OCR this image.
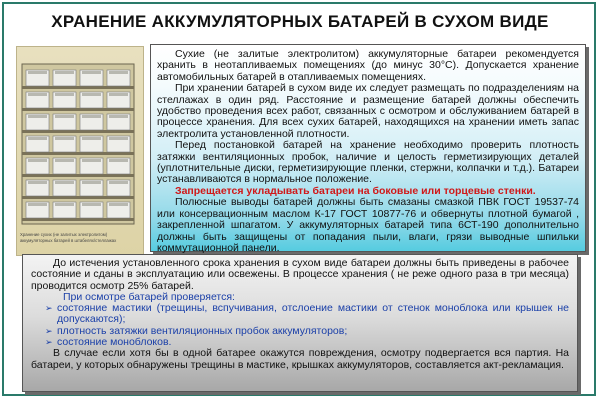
ХРАНЕНИЕ АККУМУЛЯТОРНЫХ БАТАРЕЙ В СУХОМ ВИДЕ
Хранение сухих (не залитых электролитом) аккумуляторных батарей в штабелях/стеллажах

Сухие (не залитые электролитом) аккумуляторные батареи рекомендуется хранить в неотапливаемых помещениях (до минус 30°С). Допускается хранение автомобильных батарей в отапливаемых помещениях.

При хранении батарей в сухом виде их следует размещать по подразделениям на стеллажах в один ряд. Расстояние и размещение батарей должны обеспечить удобство проведения всех работ, связанных с осмотром и обслуживанием батарей в процессе хранения. Для всех сухих батарей, находящихся на хранении иметь запас электролита установленной плотности.

Перед постановкой батарей на хранение необходимо проверить плотность затяжки вентиляционных пробок, наличие и целость герметизирующих деталей (уплотнительные диски, герметизирующие пленки, стержни, колпачки и т.д.). Батареи устанавливаются в нормальное положение.

Запрещается укладывать батареи на боковые или торцевые стенки.

Полюсные выводы батарей должны быть смазаны смазкой ПВК ГОСТ 19537-74 или консервационным маслом К-17 ГОСТ 10877-76 и обвернуты плотной бумагой , закрепленной шпагатом. У аккумуляторных батарей типа 6СТ-190 дополнительно должны быть защищены от попадания пыли, влаги, грязи выводные шпильки коммутационной панели.

До истечения установленного срока хранения в сухом виде батареи должны быть приведены в рабочее состояние и сданы в эксплуатацию или освежены. В процессе хранения ( не реже одного раза в три месяца) проводится осмотр 25% батарей.

При осмотре батарей проверяется:

➢ состояние мастики (трещины, вспучивания, отслоение мастики от стенок моноблока или крышек не допускаются);

➢ плотность затяжки вентиляционных пробок аккумуляторов;

➢ состояние моноблоков.

В случае если хотя бы в одной батарее окажутся повреждения, осмотру подвергается вся партия. На батареи, у которых обнаружены трещины в мастике, крышках аккумуляторов, составляется акт-рекламация.
